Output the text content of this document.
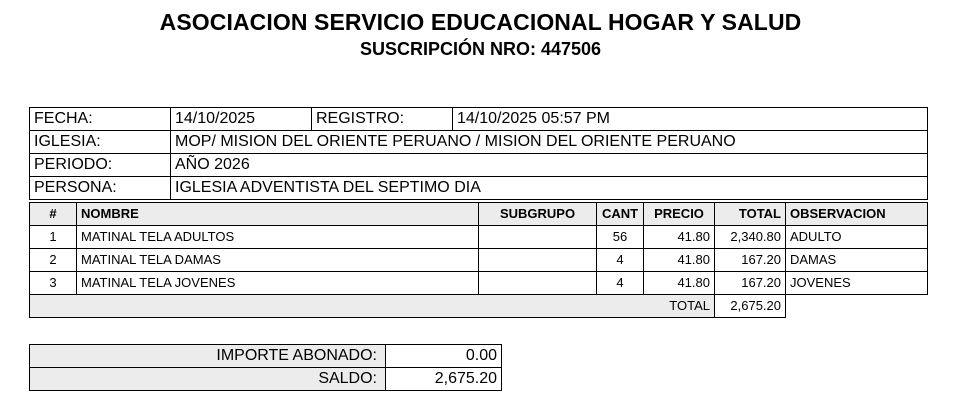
ASOCIACION SERVICIO EDUCACIONAL HOGAR Y SALUD
SUSCRIPCIÓN NRO: 447506
FECHA:	14/10/2025	REGISTRO:	14/10/2025 05:57 PM
IGLESIA:	MOP/ MISION DEL ORIENTE PERUANO / MISION DEL ORIENTE PERUANO		
PERIODO:	AÑO 2026		
PERSONA:	IGLESIA ADVENTISTA DEL SEPTIMO DIA		
#	NOMBRE	SUBGRUPO	CANT	PRECIO	TOTAL	OBSERVACION
1	MATINAL TELA ADULTOS		56	41.80	2,340.80	ADULTO
2	MATINAL TELA DAMAS		4	41.80	167.20	DAMAS
3	MATINAL TELA JOVENES		4	41.80	167.20	JOVENES
TOTAL					2,675.20	
IMPORTE ABONADO:	0.00
SALDO:	2,675.20
